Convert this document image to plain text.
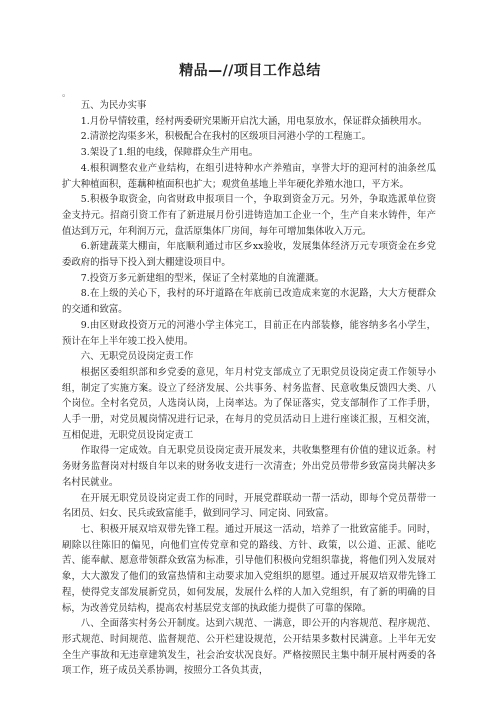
精品—//项目工作总结
。

五、为民办实事

1.月份早情较重，经村两委研究果断开启沈大涵，用电泵放水，保证群众插秧用水。

2.清淤挖沟渠多米，积极配合在我村的区级项目河港小学的工程施工。

3.架设了1.组的电线，保障群众生产用电。

4.根积调整农业产业结构，在组引进特种水产养殖亩，享誉大圩的迎河村的油条丝瓜扩大种植面积，莲藕种植面积也扩大；观赏鱼基地上半年硬化养殖水池口，平方米。

5.积极争取资金，向省财政申报项目一个，争取到资金万元。另外，争取选派单位资金支持元。招商引资工作有了新进展月份引进铸造加工企业一个，生产自来水铸件，年产值达到万元，年利润万元，盘活原集体厂房间，每年可增加集体收入万元。

6.新建蔬菜大棚亩，年底顺利通过市区乡xx验收，发展集体经济万元专项资金在乡党委政府的指导下投入到大棚建设项目中。

7.投资万多元新建组的型米，保证了全村菜地的自流灌溉。

8.在上级的关心下，我村的环圩道路在年底前已改造成来宽的水泥路，大大方便群众的交通和致富。

9.由区财政投资万元的河港小学主体完工，目前正在内部装修，能容纳多名小学生，预计在年上半年竣工投入使用。

六、无职党员设岗定责工作

根据区委组织部和乡党委的意见，年月村党支部成立了无职党员设岗定责工作领导小组，制定了实施方案。设立了经济发展、公共事务、村务监督、民意收集反馈四大类、八个岗位。全村名党员，人选岗认岗，上岗率达。为了保证落实，党支部制作了工作手册，人手一册，对党员履岗情况进行记录，在每月的党员活动日上进行座谈汇报，互相交流，互相促进，无职党员设岗定责工

作取得一定成效。自无职党员设岗定责开展发来，共收集整理有价值的建议近条。村务财务监督岗对村级自年以来的财务收支进行一次清查；外出党员带带乡致富岗共解决多名村民就业。

在开展无职党员设岗定责工作的同时，开展党群联动一帮一活动，即每个党员帮带一名团员、妇女、民兵或致富能手，做到同学习、同定岗、同致富。

七、积极开展双培双带先锋工程。通过开展这一活动，培养了一批致富能手。同时，刷除以往陈旧的偏见，向他们宣传党章和党的路线、方针、政策，以公道、正派、能吃苦、能奉献、愿意带领群众致富为标准，引导他们积极向党组织靠拢，将他们列入发展对象，大大激发了他们的致富热情和主动要求加入党组织的愿望。通过开展双培双带先锋工程，使得党支部发展新党员，如何发展，发展什么样的人加入党组织，有了新的明确的目标，为改善党员结构，提高农村基层党支部的执政能力提供了可靠的保障。

八、全面落实村务公开制度。达到六规范、一满意，即公开的内容规范、程序规范、形式规范、时间规范、监督规范、公开栏建设规范，公开结果多数村民满意。上半年无安全生产事故和无违章建筑发生，社会治安状况良好。严格按照民主集中制开展村两委的各项工作，班子成员关系协调，按照分工各负其责，
